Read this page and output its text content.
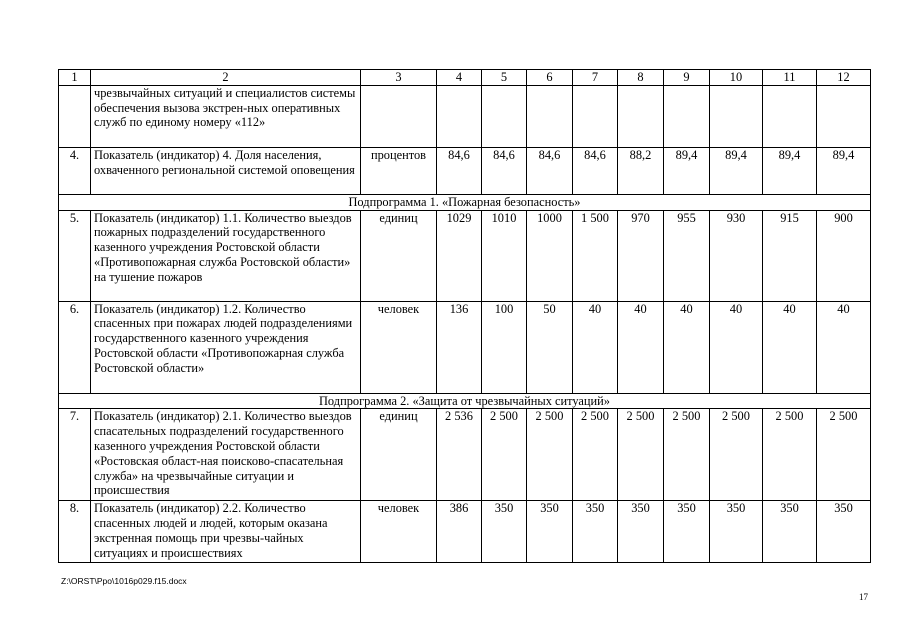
1	2	3	4	5	6	7	8	9	10	11	12
	чрезвычайных ситуаций и специалистов системы обеспечения вызова экстрен-ных оперативных служб по единому номеру «112»										
4.	Показатель (индикатор) 4. Доля населения, охваченного региональной системой оповещения	процентов	84,6	84,6	84,6	84,6	88,2	89,4	89,4	89,4	89,4
Подпрограмма 1. «Пожарная безопасность»											
5.	Показатель (индикатор) 1.1. Количество выездов пожарных подразделений государственного казенного учреждения Ростовской области «Противопожарная служба Ростовской области» на тушение пожаров	единиц	1029	1010	1000	1 500	970	955	930	915	900
6.	Показатель (индикатор) 1.2. Количество спасенных при пожарах людей подразделениями государственного казенного учреждения Ростовской области «Противопожарная служба Ростовской области»	человек	136	100	50	40	40	40	40	40	40
Подпрограмма 2. «Защита от чрезвычайных ситуаций»											
7.	Показатель (индикатор) 2.1. Количество выездов спасательных подразделений государственного казенного учреждения Ростовской области «Ростовская област-ная поисково-спасательная служба» на чрезвычайные ситуации и происшествия	единиц	2 536	2 500	2 500	2 500	2 500	2 500	2 500	2 500	2 500
8.	Показатель (индикатор) 2.2. Количество спасенных людей и людей, которым оказана экстренная помощь при чрезвы-чайных ситуациях и происшествиях	человек	386	350	350	350	350	350	350	350	350
Z:\ORST\Ppo\1016p029.f15.docx
17
